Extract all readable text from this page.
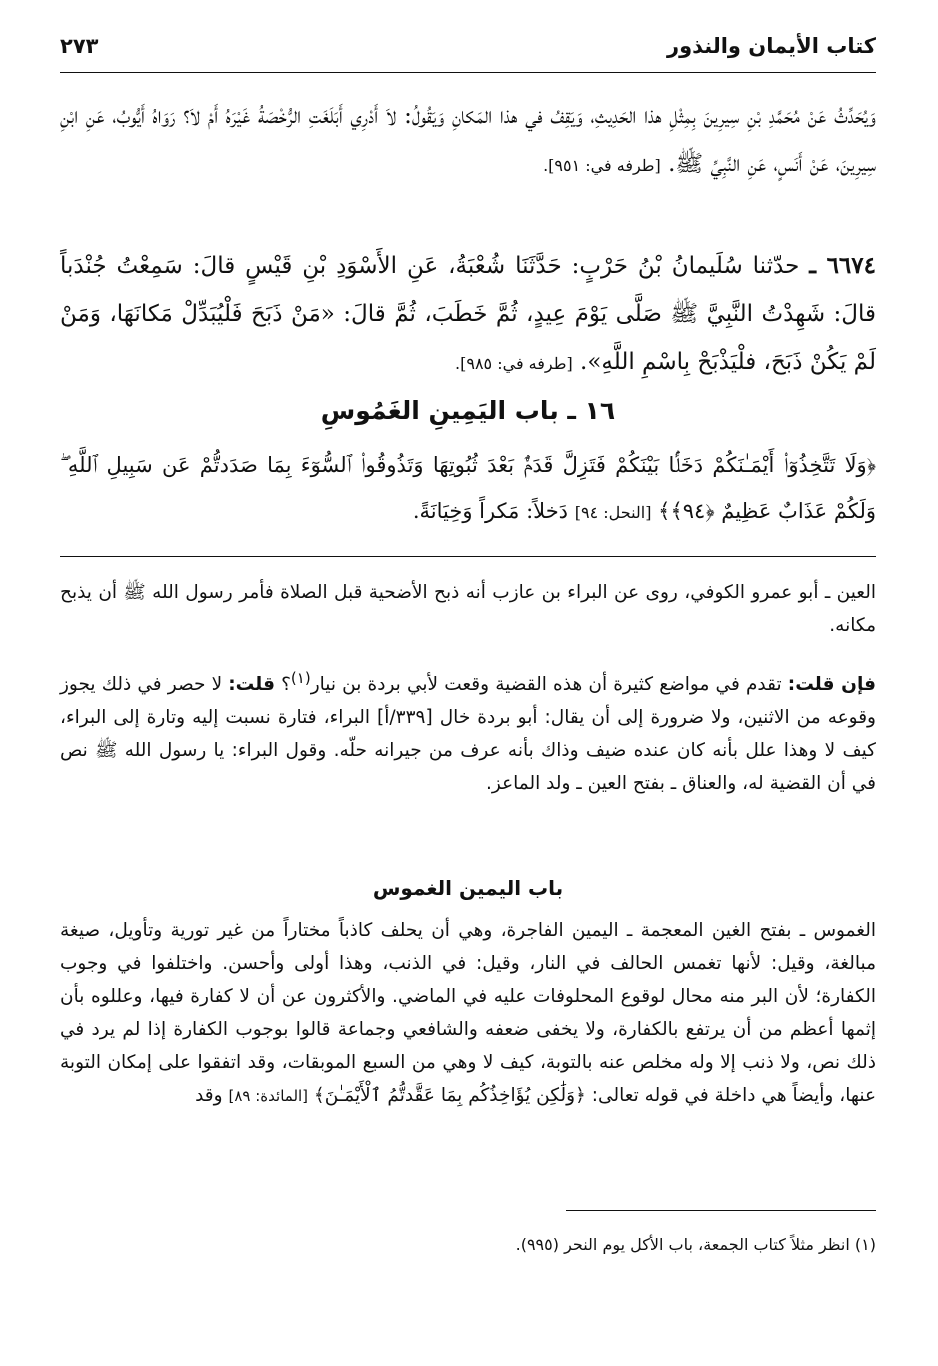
كتاب الأيمان والنذور
٢٧٣
وَيُحَدِّثُ عَنْ مُحَمَّدِ بْنِ سِيرِينَ بِمِثْلِ هذا الحَدِيثِ، وَيَقِفُ في هذا المَكانِ وَيَقُولُ: لاَ أَدْرِي أَبَلَغَتِ الرُّخْصَةُ غَيْرَهُ أَمْ لاَ؟ رَوَاهُ أَيُّوبُ، عَنِ ابْنِ سِيرِينَ، عَنْ أَنَسٍ، عَنِ النَّبِيِّ ﷺ. [طرفه في: ٩٥١].
٦٦٧٤ ـ حدّثنا سُلَيمانُ بْنُ حَرْبٍ: حَدَّثَنَا شُعْبَةُ، عَنِ الأَسْوَدِ بْنِ قَيْسٍ قالَ: سَمِعْتُ جُنْدَباً قالَ: شَهِدْتُ النَّبِيَّ ﷺ صَلَّى يَوْمَ عِيدٍ، ثُمَّ خَطَبَ، ثُمَّ قالَ: «مَنْ ذَبَحَ فَلْيُبَدِّلْ مَكانَهَا، وَمَنْ لَمْ يَكُنْ ذَبَحَ، فلْيَذْبَحْ بِاسْمِ اللَّهِ». [طرفه في: ٩٨٥].
١٦ ـ باب اليَمِينِ الغَمُوسِ
﴿وَلَا تَتَّخِذُوٓا۟ أَيْمَـٰنَكُمْ دَخَلًۢا بَيْنَكُمْ فَتَزِلَّ قَدَمٌۢ بَعْدَ ثُبُوتِهَا وَتَذُوقُوا۟ ٱلسُّوٓءَ بِمَا صَدَدتُّمْ عَن سَبِيلِ ٱللَّهِ ۖ وَلَكُمْ عَذَابٌ عَظِيمٌ ﴿٩٤﴾﴾ [النحل: ٩٤] دَخلاً: مَكراً وَخِيَانَةً.
العين ـ أبو عمرو الكوفي، روى عن البراء بن عازب أنه ذبح الأضحية قبل الصلاة فأمر رسول الله ﷺ أن يذبح مكانه.
فإن قلت: تقدم في مواضع كثيرة أن هذه القضية وقعت لأبي بردة بن نيار$^{(١)}$؟ قلت: لا حصر في ذلك يجوز وقوعه من الاثنين، ولا ضرورة إلى أن يقال: أبو بردة خال [٣٣٩/أ] البراء، فتارة نسبت إليه وتارة إلى البراء، كيف لا وهذا علل بأنه كان عنده ضيف وذاك بأنه عرف من جيرانه حلّه. وقول البراء: يا رسول الله ﷺ نص في أن القضية له، والعناق ـ بفتح العين ـ ولد الماعز.
باب اليمين الغموس
الغموس ـ بفتح الغين المعجمة ـ اليمين الفاجرة، وهي أن يحلف كاذباً مختاراً من غير تورية وتأويل، صيغة مبالغة، وقيل: لأنها تغمس الحالف في النار، وقيل: في الذنب، وهذا أولى وأحسن. واختلفوا في وجوب الكفارة؛ لأن البر منه محال لوقوع المحلوفات عليه في الماضي. والأكثرون عن أن لا كفارة فيها، وعللوه بأن إثمها أعظم من أن يرتفع بالكفارة، ولا يخفى ضعفه والشافعي وجماعة قالوا بوجوب الكفارة إذا لم يرد في ذلك نص، ولا ذنب إلا وله مخلص عنه بالتوبة، كيف لا وهي من السبع الموبقات، وقد اتفقوا على إمكان التوبة عنها، وأيضاً هي داخلة في قوله تعالى: ﴿وَلَٰكِن يُؤَاخِذُكُم بِمَا عَقَّدتُّمُ ٱلْأَيْمَـٰنَ﴾ [المائدة: ٨٩] وقد
(١) انظر مثلاً كتاب الجمعة، باب الأكل يوم النحر (٩٩٥).
